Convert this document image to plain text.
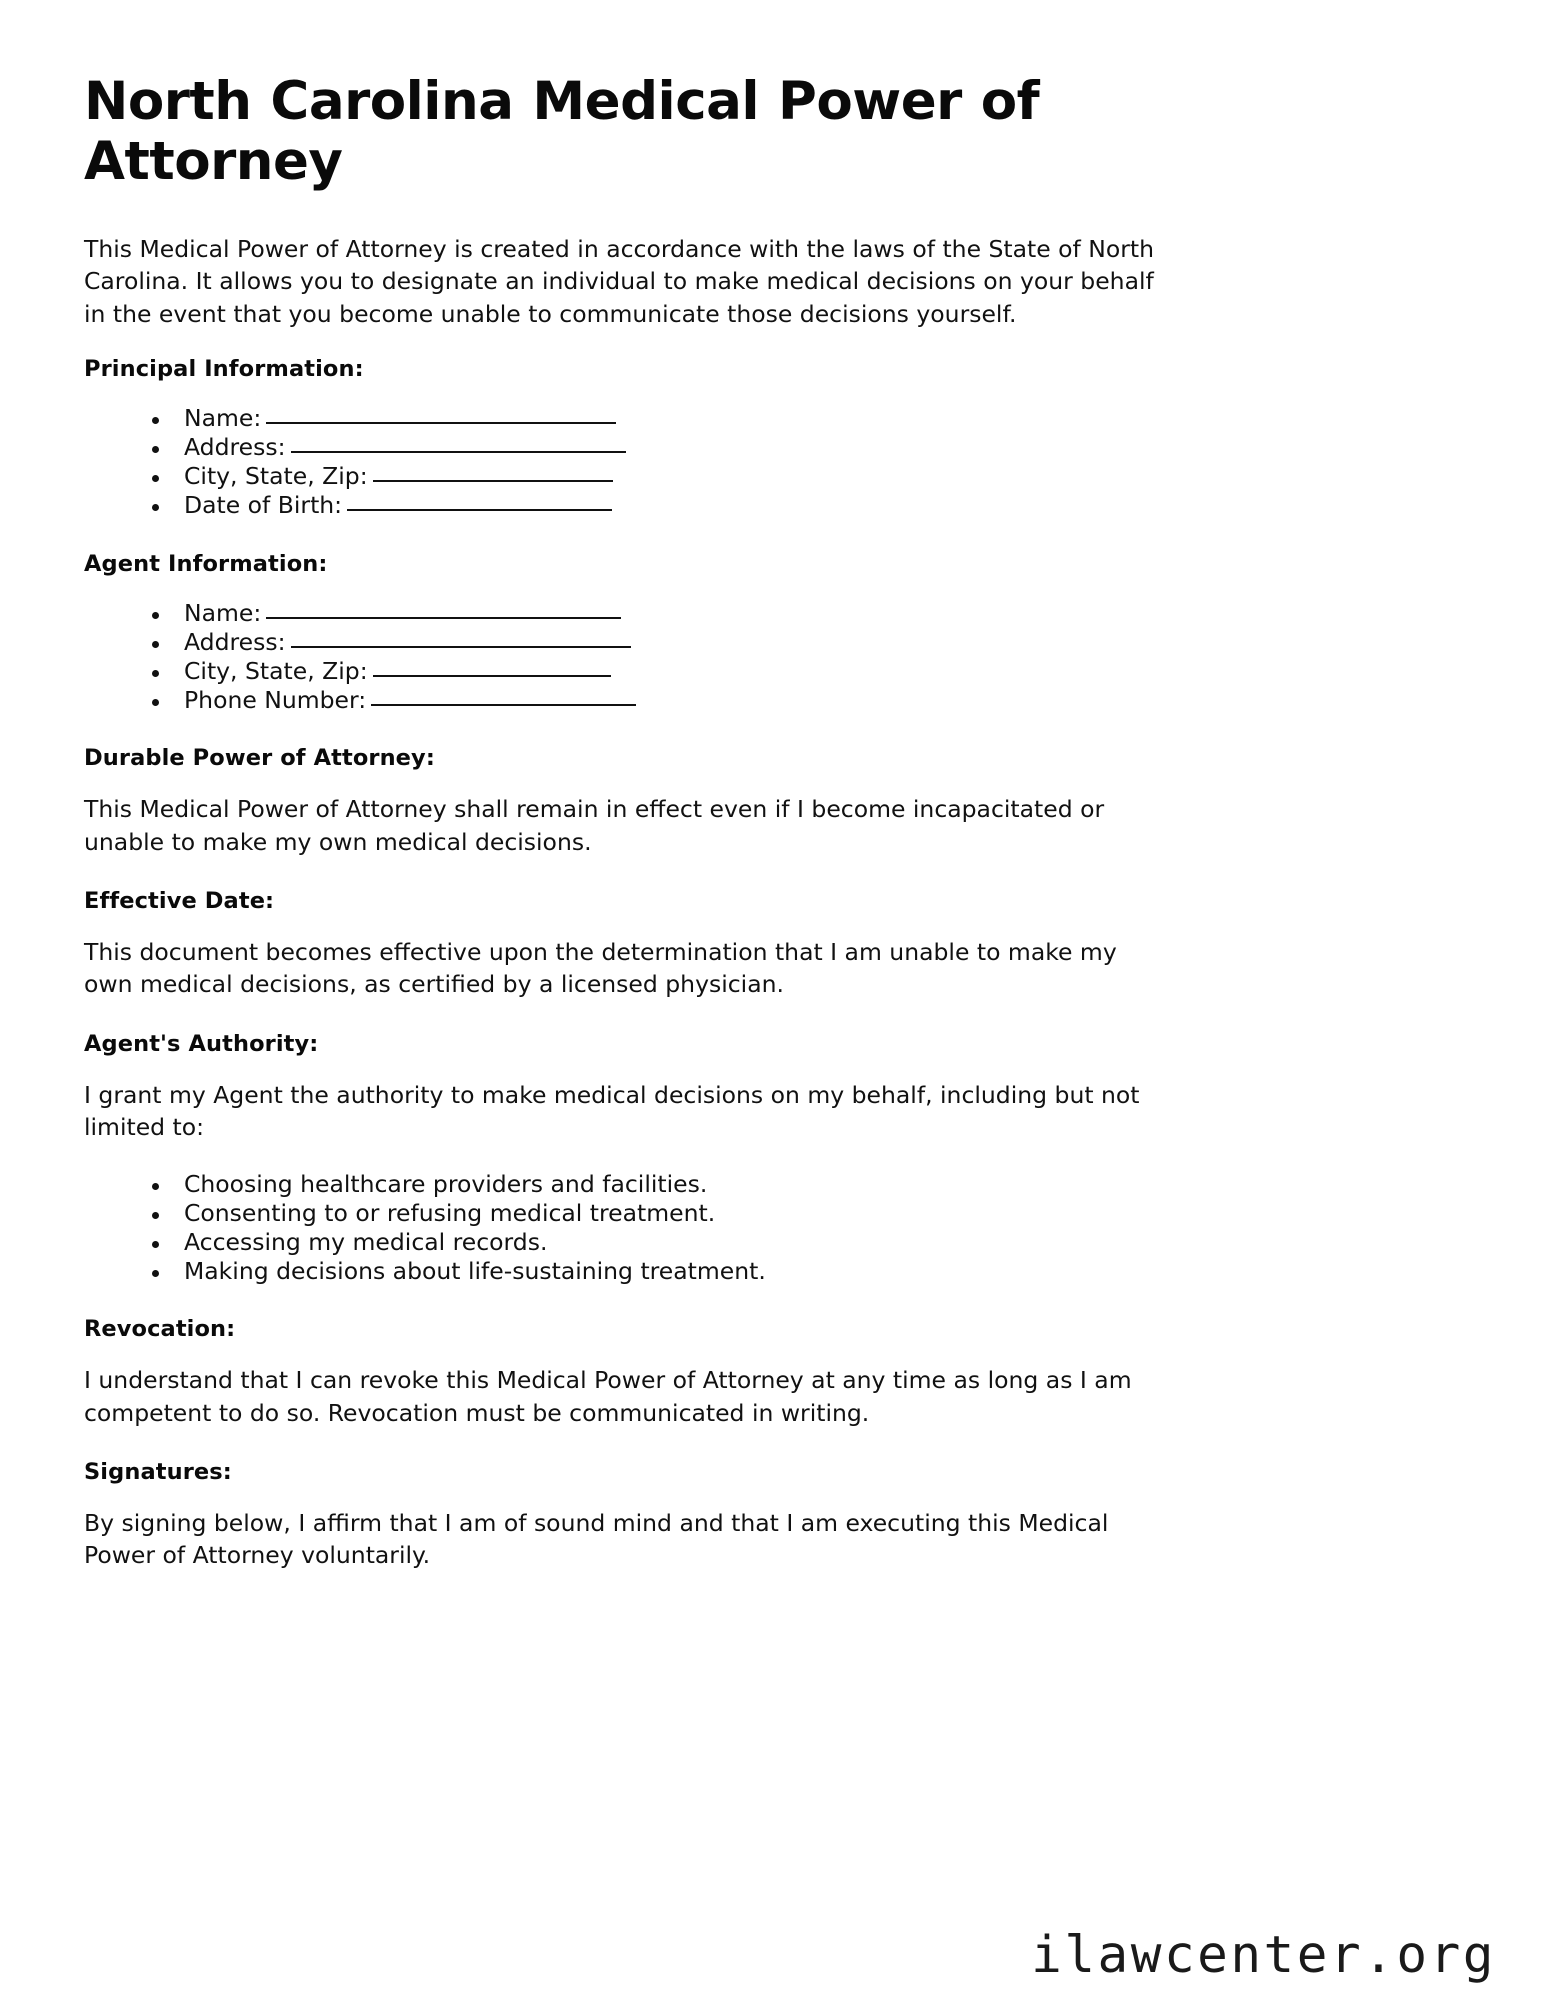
North Carolina Medical Power of Attorney

This Medical Power of Attorney is created in accordance with the laws of the State of North Carolina. It allows you to designate an individual to make medical decisions on your behalf in the event that you become unable to communicate those decisions yourself.

Principal Information:
Name:
Address:
City, State, Zip:
Date of Birth:
Agent Information:
Name:
Address:
City, State, Zip:
Phone Number:
Durable Power of Attorney:

This Medical Power of Attorney shall remain in effect even if I become incapacitated or unable to make my own medical decisions.

Effective Date:

This document becomes effective upon the determination that I am unable to make my own medical decisions, as certified by a licensed physician.

Agent's Authority:

I grant my Agent the authority to make medical decisions on my behalf, including but not limited to:

Choosing healthcare providers and facilities.
Consenting to or refusing medical treatment.
Accessing my medical records.
Making decisions about life-sustaining treatment.
Revocation:

I understand that I can revoke this Medical Power of Attorney at any time as long as I am competent to do so. Revocation must be communicated in writing.

Signatures:

By signing below, I affirm that I am of sound mind and that I am executing this Medical Power of Attorney voluntarily.

ilawcenter.org
